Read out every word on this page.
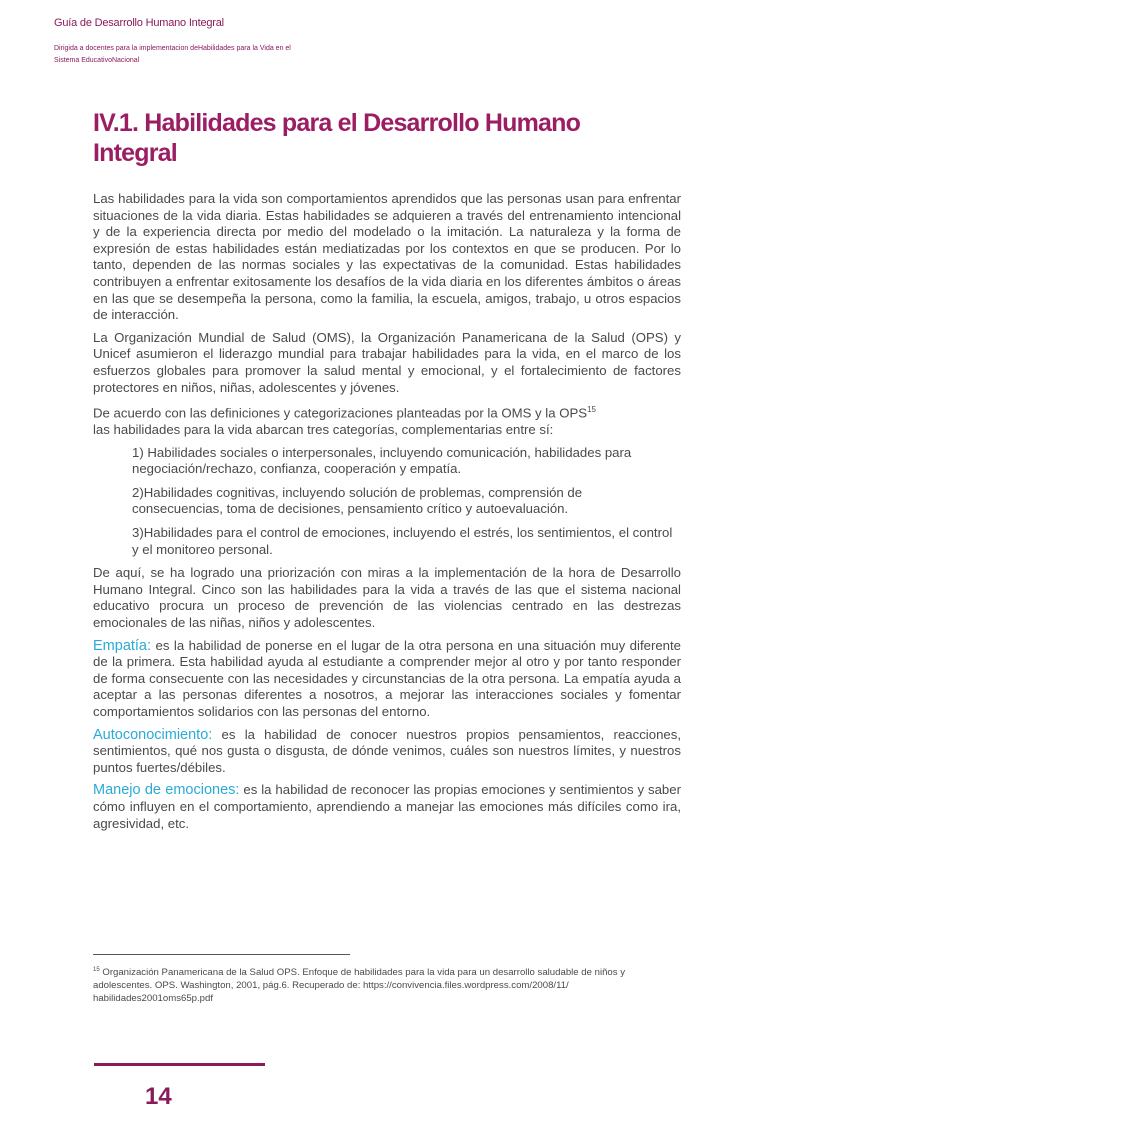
Guía de Desarrollo Humano Integral
Dirigida a docentes para la implementacion deHabilidades para la Vida en el Sistema EducativoNacional
IV.1. Habilidades para el Desarrollo Humano Integral

Las habilidades para la vida son comportamientos aprendidos que las personas usan para enfrentar situaciones de la vida diaria. Estas habilidades se adquieren a través del entrenamiento intencional y de la experiencia directa por medio del modelado o la imitación. La naturaleza y la forma de expresión de estas habilidades están mediatizadas por los contextos en que se producen. Por lo tanto, dependen de las normas sociales y las expectativas de la comunidad. Estas habilidades contribuyen a enfrentar exitosamente los desafíos de la vida diaria en los diferentes ámbitos o áreas en las que se desempeña la persona, como la familia, la escuela, amigos, trabajo, u otros espacios de interacción.

La Organización Mundial de Salud (OMS), la Organización Panamericana de la Salud (OPS) y Unicef asumieron el liderazgo mundial para trabajar habilidades para la vida, en el marco de los esfuerzos globales para promover la salud mental y emocional, y el fortalecimiento de factores protectores en niños, niñas, adolescentes y jóvenes.

De acuerdo con las definiciones y categorizaciones planteadas por la OMS y la OPS$^{15}$
las habilidades para la vida abarcan tres categorías, complementarias entre sí:

1) Habilidades sociales o interpersonales, incluyendo comunicación, habilidades para negociación/rechazo, confianza, cooperación y empatía.
2)Habilidades cognitivas, incluyendo solución de problemas, comprensión de consecuencias, toma de decisiones, pensamiento crítico y autoevaluación.
3)Habilidades para el control de emociones, incluyendo el estrés, los sentimientos, el control y el monitoreo personal.

De aquí, se ha logrado una priorización con miras a la implementación de la hora de Desarrollo Humano Integral. Cinco son las habilidades para la vida a través de las que el sistema nacional educativo procura un proceso de prevención de las violencias centrado en las destrezas emocionales de las niñas, niños y adolescentes.

Empatía: es la habilidad de ponerse en el lugar de la otra persona en una situación muy diferente de la primera. Esta habilidad ayuda al estudiante a comprender mejor al otro y por tanto responder de forma consecuente con las necesidades y circunstancias de la otra persona. La empatía ayuda a aceptar a las personas diferentes a nosotros, a mejorar las interacciones sociales y fomentar comportamientos solidarios con las personas del entorno.

Autoconocimiento: es la habilidad de conocer nuestros propios pensamientos, reacciones, sentimientos, qué nos gusta o disgusta, de dónde venimos, cuáles son nuestros límites, y nuestros puntos fuertes/débiles.

Manejo de emociones: es la habilidad de reconocer las propias emociones y sentimientos y saber cómo influyen en el comportamiento, aprendiendo a manejar las emociones más difíciles como ira, agresividad, etc.

$^{15}$ Organización Panamericana de la Salud OPS. Enfoque de habilidades para la vida para un desarrollo saludable de niños y adolescentes. OPS. Washington, 2001, pág.6. Recuperado de: https://convivencia.files.wordpress.com/2008/11/ habilidades2001oms65p.pdf
14
